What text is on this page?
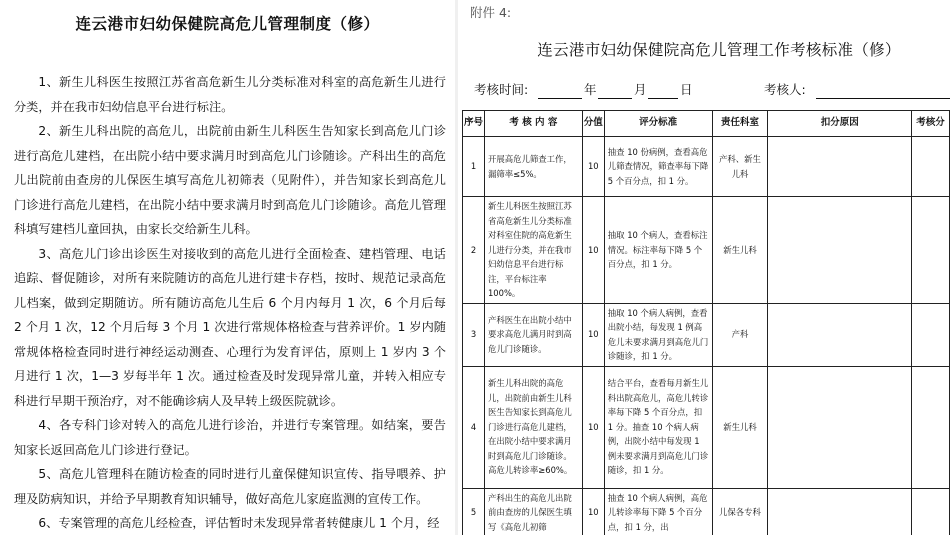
连云港市妇幼保健院高危儿管理制度（修）

1、新生儿科医生按照江苏省高危新生儿分类标准对科室的高危新生儿进行分类，并在我市妇幼信息平台进行标注。

2、新生儿科出院的高危儿，出院前由新生儿科医生告知家长到高危儿门诊进行高危儿建档，在出院小结中要求满月时到高危儿门诊随诊。产科出生的高危儿出院前由查房的儿保医生填写高危儿初筛表（见附件），并告知家长到高危儿门诊进行高危儿建档，在出院小结中要求满月时到高危儿门诊随诊。高危儿管理科填写建档儿童回执，由家长交给新生儿科。

3、高危儿门诊出诊医生对接收到的高危儿进行全面检查、建档管理、电话追踪、督促随诊，对所有来院随访的高危儿进行建卡存档，按时、规范记录高危儿档案，做到定期随访。所有随访高危儿生后 6 个月内每月 1 次，6 个月后每 2 个月 1 次，12 个月后每 3 个月 1 次进行常规体格检查与营养评价。1 岁内随常规体格检查同时进行神经运动测查、心理行为发育评估，原则上 1 岁内 3 个月进行 1 次，1—3 岁每半年 1 次。通过检查及时发现异常儿童，并转入相应专科进行早期干预治疗，对不能确诊病人及早转上级医院就诊。

4、各专科门诊对转入的高危儿进行诊治，并进行专案管理。如结案，要告知家长返回高危儿门诊进行登记。

5、高危儿管理科在随访检查的同时进行儿童保健知识宣传、指导喂养、护理及防病知识，并给予早期教育知识辅导，做好高危儿家庭监测的宣传工作。

6、专案管理的高危儿经检查，评估暂时未发现异常者转健康儿 1 个月，经

附件 4:
连云港市妇幼保健院高危儿管理工作考核标准（修）
考核时间:	年	月	日	考核人:
序号	考 核 内 容	分值	评分标准	责任科室	扣分原因	考核分
1	开展高危儿筛查工作，漏筛率≤5%。	10	抽查 10 份病例，查看高危儿筛查情况，筛查率每下降 5 个百分点，扣 1 分。	产科、新生儿科		
2	新生儿科医生按照江苏省高危新生儿分类标准对科室住院的高危新生儿进行分类，并在我市妇幼信息平台进行标注，平台标注率 100%。	10	抽取 10 个病人，查看标注情况。标注率每下降 5 个百分点，扣 1 分。	新生儿科		
3	产科医生在出院小结中要求高危儿满月时到高危儿门诊随诊。	10	抽取 10 个病人病例，查看出院小结，每发现 1 例高危儿未要求满月到高危儿门诊随诊，扣 1 分。	产科		
4	新生儿科出院的高危儿，出院前由新生儿科医生告知家长到高危儿门诊进行高危儿建档，在出院小结中要求满月时到高危儿门诊随诊。高危儿转诊率≥60%。	10	结合平台，查看每月新生儿科出院高危儿，高危儿转诊率每下降 5 个百分点，扣 1 分。抽查 10 个病人病例，出院小结中每发现 1 例未要求满月到高危儿门诊随诊，扣 1 分。	新生儿科		
5	产科出生的高危儿出院前由查房的儿保医生填写《高危儿初筛	10	抽查 10 个病人病例，高危儿转诊率每下降 5 个百分点，扣 1 分，出	儿保各专科		
